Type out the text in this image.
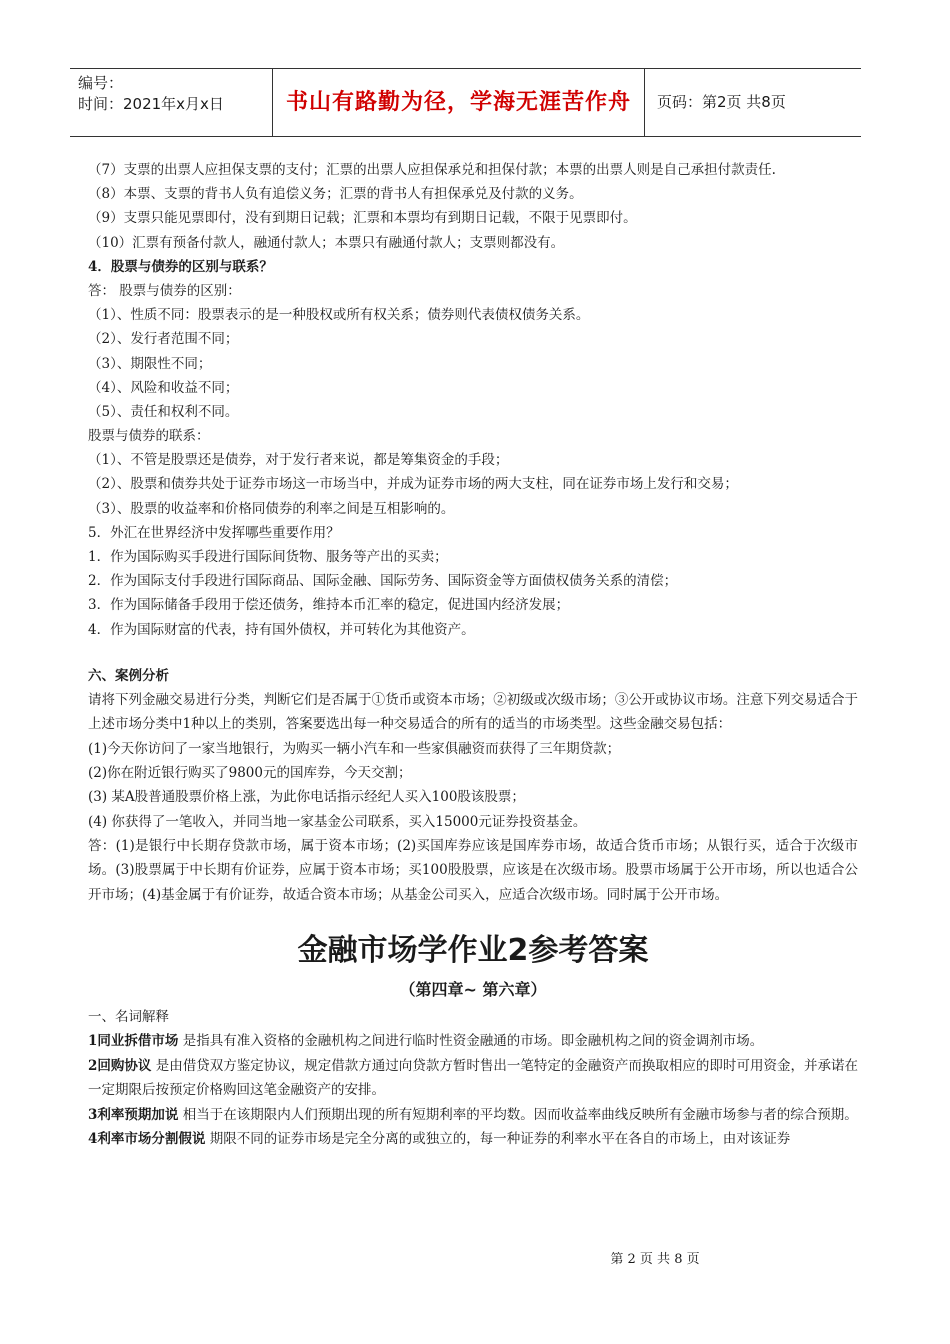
编号：
时间：2021年x月x日	书山有路勤为径，学海无涯苦作舟	页码：第2页 共8页
（7）支票的出票人应担保支票的支付；汇票的出票人应担保承兑和担保付款；本票的出票人则是自己承担付款责任.
（8）本票、支票的背书人负有追偿义务；汇票的背书人有担保承兑及付款的义务。
（9）支票只能见票即付，没有到期日记载；汇票和本票均有到期日记载，不限于见票即付。
（10）汇票有预备付款人，融通付款人；本票只有融通付款人；支票则都没有。
4．股票与债券的区别与联系？
答： 股票与债券的区别：
（1）、性质不同：股票表示的是一种股权或所有权关系；债券则代表债权债务关系。
（2）、发行者范围不同；
（3）、期限性不同；
（4）、风险和收益不同；
（5）、责任和权利不同。
股票与债券的联系：
（1）、不管是股票还是债券，对于发行者来说，都是筹集资金的手段；
（2）、股票和债券共处于证券市场这一市场当中，并成为证券市场的两大支柱，同在证券市场上发行和交易；
（3）、股票的收益率和价格同债券的利率之间是互相影响的。
5．外汇在世界经济中发挥哪些重要作用？
1．作为国际购买手段进行国际间货物、服务等产出的买卖；
2．作为国际支付手段进行国际商品、国际金融、国际劳务、国际资金等方面债权债务关系的清偿；
3．作为国际储备手段用于偿还债务，维持本币汇率的稳定，促进国内经济发展；
4．作为国际财富的代表，持有国外债权，并可转化为其他资产。
六、案例分析
请将下列金融交易进行分类，判断它们是否属于①货币或资本市场；②初级或次级市场；③公开或协议市场。注意下列交易适合于上述市场分类中1种以上的类别，答案要选出每一种交易适合的所有的适当的市场类型。这些金融交易包括：
(1)今天你访问了一家当地银行，为购买一辆小汽车和一些家俱融资而获得了三年期贷款；
(2)你在附近银行购买了9800元的国库券，今天交割；
(3) 某A股普通股票价格上涨，为此你电话指示经纪人买入100股该股票；
(4) 你获得了一笔收入，并同当地一家基金公司联系，买入15000元证券投资基金。
答：(1)是银行中长期存贷款市场，属于资本市场；(2)买国库券应该是国库券市场，故适合货币市场；从银行买，适合于次级市场。(3)股票属于中长期有价证券，应属于资本市场；买100股股票，应该是在次级市场。股票市场属于公开市场，所以也适合公开市场；(4)基金属于有价证券，故适合资本市场；从基金公司买入，应适合次级市场。同时属于公开市场。
金融市场学作业2参考答案
（第四章~ 第六章）
一、名词解释
1同业拆借市场 是指具有准入资格的金融机构之间进行临时性资金融通的市场。即金融机构之间的资金调剂市场。
2回购协议 是由借贷双方鉴定协议，规定借款方通过向贷款方暂时售出一笔特定的金融资产而换取相应的即时可用资金，并承诺在一定期限后按预定价格购回这笔金融资产的安排。
3利率预期加说 相当于在该期限内人们预期出现的所有短期利率的平均数。因而收益率曲线反映所有金融市场参与者的综合预期。
4利率市场分割假说 期限不同的证券市场是完全分离的或独立的，每一种证券的利率水平在各自的市场上，由对该证券
第 2 页 共 8 页
